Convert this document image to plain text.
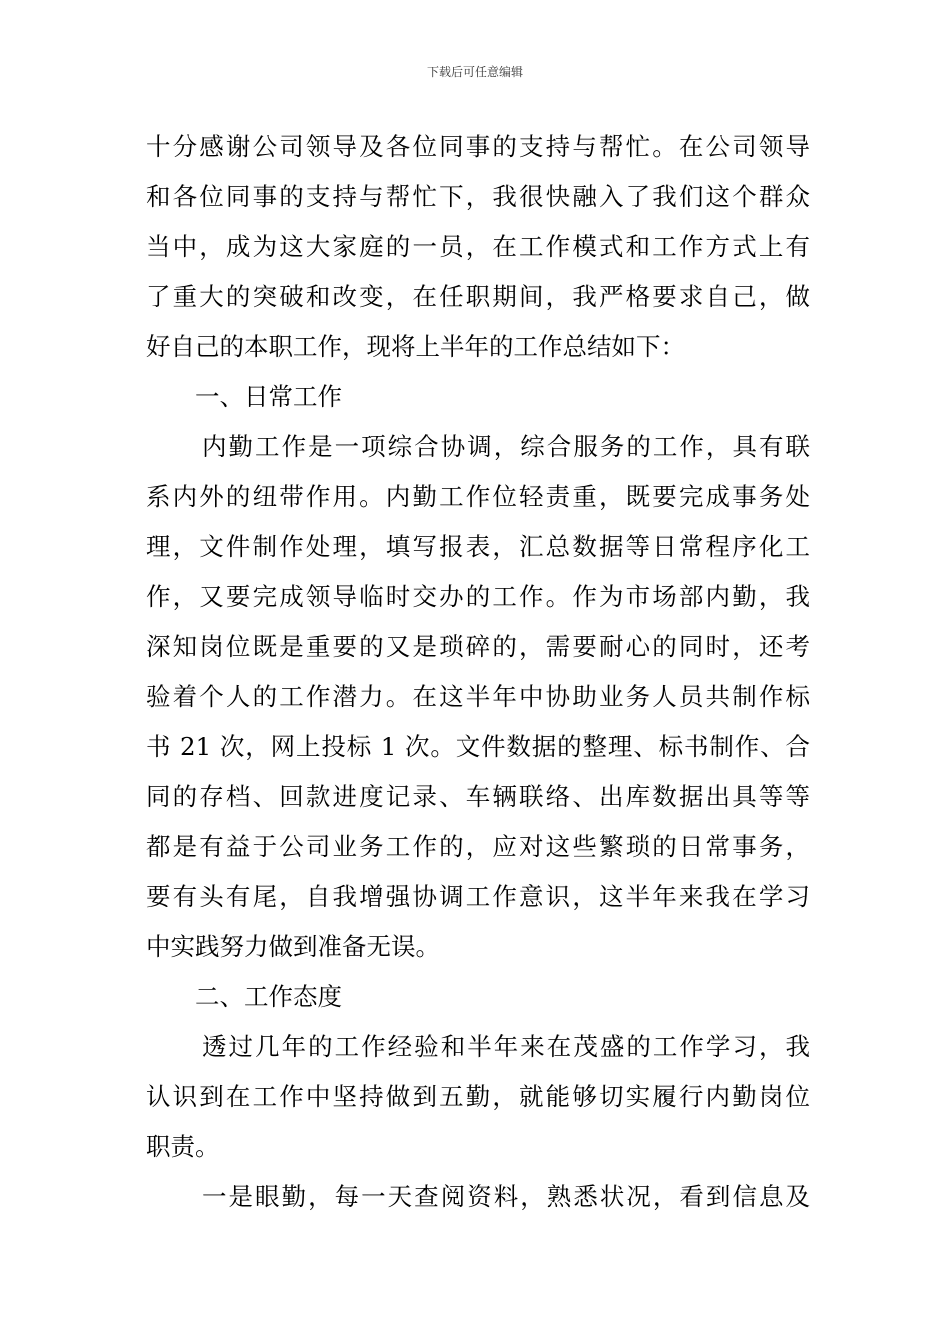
下载后可任意编辑
十分感谢公司领导及各位同事的支持与帮忙。在公司领导
和各位同事的支持与帮忙下，我很快融入了我们这个群众
当中，成为这大家庭的一员，在工作模式和工作方式上有
了重大的突破和改变，在任职期间，我严格要求自己，做
好自己的本职工作，现将上半年的工作总结如下：
一、日常工作
内勤工作是一项综合协调，综合服务的工作，具有联
系内外的纽带作用。内勤工作位轻责重，既要完成事务处
理，文件制作处理，填写报表，汇总数据等日常程序化工
作，又要完成领导临时交办的工作。作为市场部内勤，我
深知岗位既是重要的又是琐碎的，需要耐心的同时，还考
验着个人的工作潜力。在这半年中协助业务人员共制作标
书 21 次，网上投标 1 次。文件数据的整理、标书制作、合
同的存档、回款进度记录、车辆联络、出库数据出具等等
都是有益于公司业务工作的，应对这些繁琐的日常事务，
要有头有尾，自我增强协调工作意识，这半年来我在学习
中实践努力做到准备无误。
二、工作态度
透过几年的工作经验和半年来在茂盛的工作学习，我
认识到在工作中坚持做到五勤，就能够切实履行内勤岗位
职责。
一是眼勤，每一天查阅资料，熟悉状况，看到信息及
